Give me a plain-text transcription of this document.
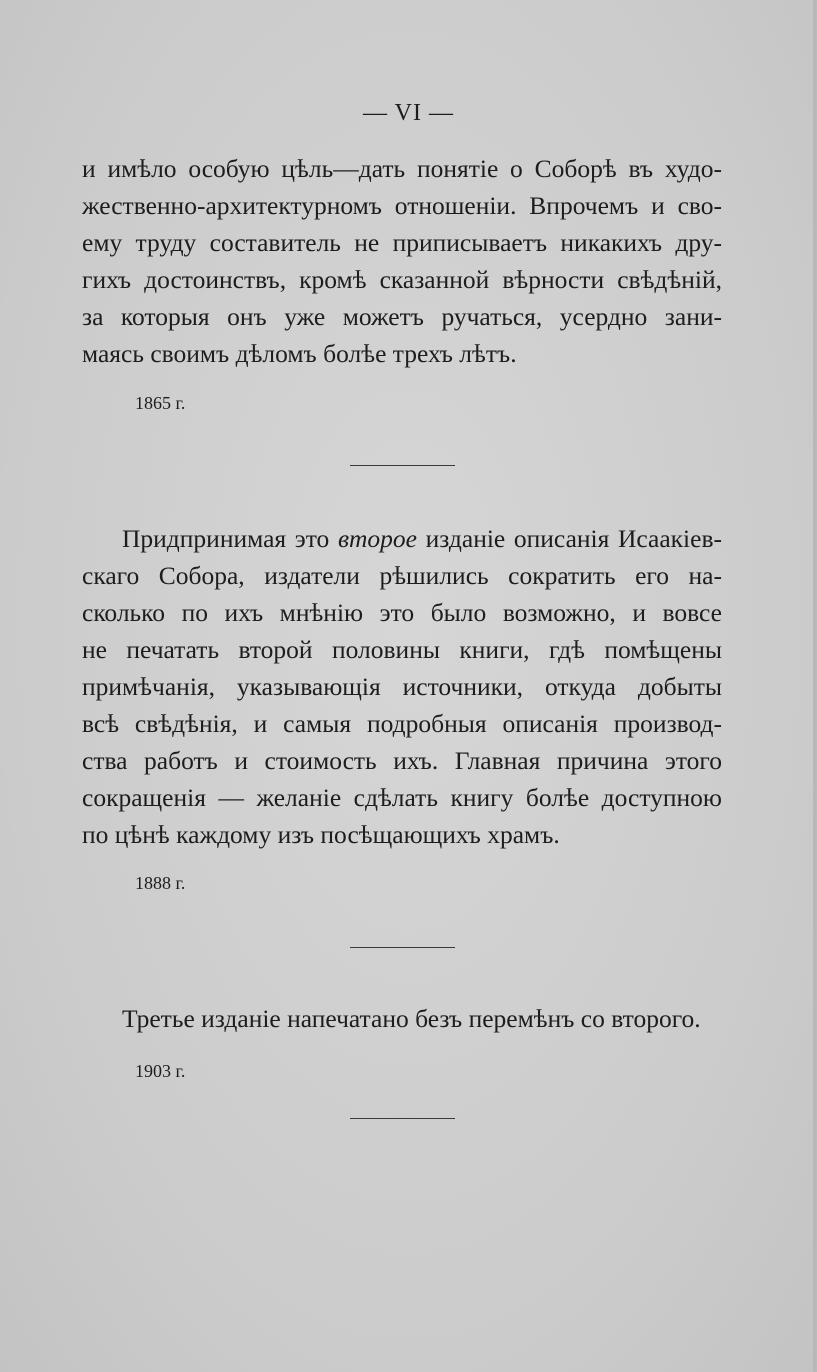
— VI —
и имѣло особую цѣль—дать понятіе о Соборѣ въ худо-
жественно-архитектурномъ отношеніи. Впрочемъ и сво-
ему труду составитель не приписываетъ никакихъ дру-
гихъ достоинствъ, кромѣ сказанной вѣрности свѣдѣній,
за которыя онъ уже можетъ ручаться, усердно зани-
маясь своимъ дѣломъ болѣе трехъ лѣтъ.
1865 г.
Придпринимая это второе изданіе описанія Исаакіев-
скаго Собора, издатели рѣшились сократить его на-
сколько по ихъ мнѣнію это было возможно, и вовсе
не печатать второй половины книги, гдѣ помѣщены
примѣчанія, указывающія источники, откуда добыты
всѣ свѣдѣнія, и самыя подробныя описанія производ-
ства работъ и стоимость ихъ. Главная причина этого
сокращенія — желаніе сдѣлать книгу болѣе доступною
по цѣнѣ каждому изъ посѣщающихъ храмъ.
1888 г.
Третье изданіе напечатано безъ перемѣнъ со второго.
1903 г.
